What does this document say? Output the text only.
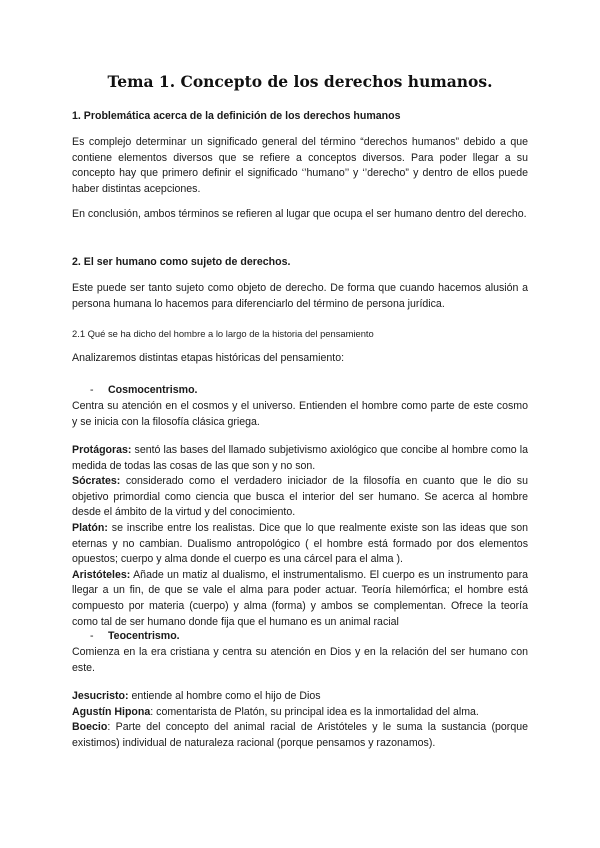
Tema 1. Concepto de los derechos humanos.
1. Problemática acerca de la definición de los derechos humanos

Es complejo determinar un significado general del término “derechos humanos” debido a que contiene elementos diversos que se refiere a conceptos diversos. Para poder llegar a su concepto hay que primero definir el significado ‘’humano’’ y ‘’derecho” y dentro de ellos puede haber distintas acepciones.

En conclusión, ambos términos se refieren al lugar que ocupa el ser humano dentro del derecho.

2. El ser humano como sujeto de derechos.

Este puede ser tanto sujeto como objeto de derecho. De forma que cuando hacemos alusión a persona humana lo hacemos para diferenciarlo del término de persona jurídica.

2.1 Qué se ha dicho del hombre a lo largo de la historia del pensamiento

Analizaremos distintas etapas históricas del pensamiento:

- Cosmocentrismo.

Centra su atención en el cosmos y el universo. Entienden el hombre como parte de este cosmo y se inicia con la filosofía clásica griega.

Protágoras: sentó las bases del llamado subjetivismo axiológico que concibe al hombre como la medida de todas las cosas de las que son y no son.

Sócrates: considerado como el verdadero iniciador de la filosofía en cuanto que le dio su objetivo primordial como ciencia que busca el interior del ser humano. Se acerca al hombre desde el ámbito de la virtud y del conocimiento.

Platón: se inscribe entre los realistas. Dice que lo que realmente existe son las ideas que son eternas y no cambian. Dualismo antropológico ( el hombre está formado por dos elementos opuestos; cuerpo y alma donde el cuerpo es una cárcel para el alma ).

Aristóteles: Añade un matiz al dualismo, el instrumentalismo. El cuerpo es un instrumento para llegar a un fin, de que se vale el alma para poder actuar. Teoría hilemórfica; el hombre está compuesto por materia (cuerpo) y alma (forma) y ambos se complementan. Ofrece la teoría como tal de ser humano donde fija que el humano es un animal racial

- Teocentrismo.

Comienza en la era cristiana y centra su atención en Dios y en la relación del ser humano con este.

Jesucristo: entiende al hombre como el hijo de Dios

Agustín Hipona: comentarista de Platón, su principal idea es la inmortalidad del alma.

Boecio: Parte del concepto del animal racial de Aristóteles y le suma la sustancia (porque existimos) individual de naturaleza racional (porque pensamos y razonamos).
